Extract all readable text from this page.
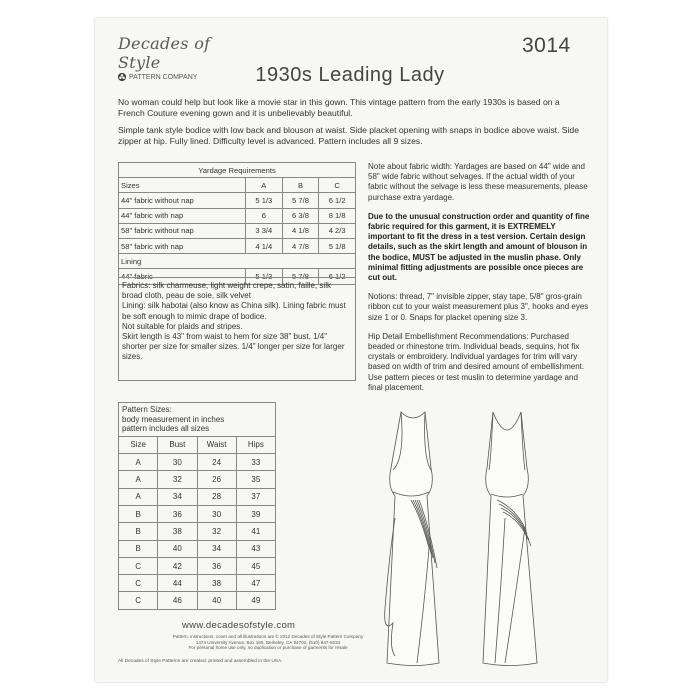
Decades of Style
PATTERN COMPANY
3014
1930s Leading Lady

No woman could help but look like a movie star in this gown. This vintage pattern from the early 1930s is based on a French Couture evening gown and it is unbelievably beautiful.

Simple tank style bodice with low back and blouson at waist. Side placket opening with snaps in bodice above waist. Side zipper at hip. Fully lined. Difficulty level is advanced. Pattern includes all 9 sizes.

Yardage Requirements			
Sizes	A	B	C
44" fabric without nap	5 1/3	5 7/8	6 1/2
44" fabric with nap	6	6 3/8	8 1/8
58" fabric without nap	3 3/4	4 1/8	4 2/3
58" fabric with nap	4 1/4	4 7/8	5 1/8
Lining			
44" fabric	5 1/3	5 7/8	6 1/2
Fabrics: silk charmeuse, light weight crepe, satin, faille, silk broad cloth, peau de soie, silk velvet
Lining: silk habotai (also know as China silk). Lining fabric must be soft enough to mimic drape of bodice.
Not suitable for plaids and stripes.
Skirt length is 43" from waist to hem for size 38" bust. 1/4" shorter per size for smaller sizes. 1/4" longer per size for larger sizes.

Note about fabric width: Yardages are based on 44" wide and 58" wide fabric without selvages. If the actual width of your fabric without the selvage is less these measurements, please purchase extra yardage.

Due to the unusual construction order and quantity of fine fabric required for this garment, it is EXTREMELY important to fit the dress in a test version. Certain design details, such as the skirt length and amount of blouson in the bodice, MUST be adjusted in the muslin phase. Only minimal fitting adjustments are possible once pieces are cut out.

Notions: thread, 7" invisible zipper, stay tape, 5/8" gros-grain ribbon cut to your waist measurement plus 3", hooks and eyes size 1 or 0. Snaps for placket opening size 3.

Hip Detail Embellishment Recommendations: Purchased beaded or rhinestone trim. Individual beads, sequins, hot fix crystals or embroidery. Individual yardages for trim will vary based on width of trim and desired amount of embellishment. Use pattern pieces or test muslin to determine yardage and final placement.

Pattern Sizes:
body measurement in inches
pattern includes all sizes			

Size	Bust	Waist	Hips
A	30	24	33
A	32	26	35
A	34	28	37
B	36	30	39
B	38	32	41
B	40	34	43
C	42	36	45
C	44	38	47
C	46	40	49
www.decadesofstyle.com
Pattern, instructions, cover and all illustrations are © 2012 Decades of Style Pattern Company
1474 University Avenue, Box 165, Berkeley, CA 94702, (510) 847-6234
For personal home use only, no duplication or purchase of garments for resale
All Decades of Style Patterns are created, printed and assembled in the USA.
